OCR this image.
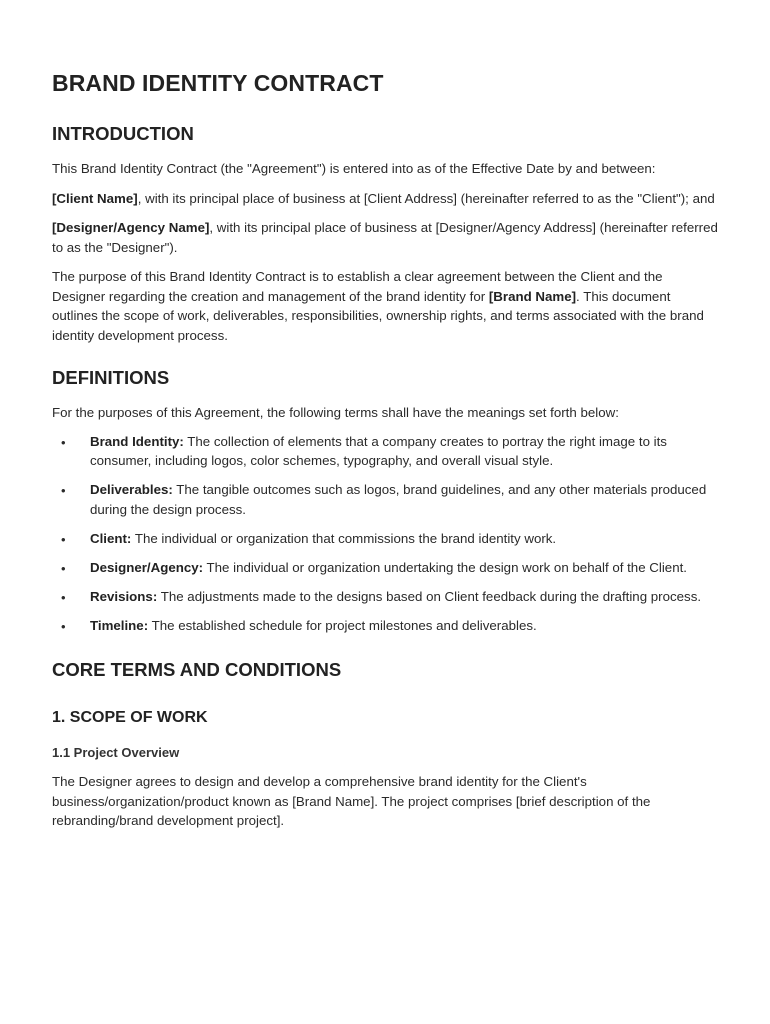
BRAND IDENTITY CONTRACT
INTRODUCTION

This Brand Identity Contract (the "Agreement") is entered into as of the Effective Date by and between:

[Client Name], with its principal place of business at [Client Address] (hereinafter referred to as the "Client"); and

[Designer/Agency Name], with its principal place of business at [Designer/Agency Address] (hereinafter referred to as the "Designer").

The purpose of this Brand Identity Contract is to establish a clear agreement between the Client and the Designer regarding the creation and management of the brand identity for [Brand Name]. This document outlines the scope of work, deliverables, responsibilities, ownership rights, and terms associated with the brand identity development process.

DEFINITIONS

For the purposes of this Agreement, the following terms shall have the meanings set forth below:

• Brand Identity: The collection of elements that a company creates to portray the right image to its consumer, including logos, color schemes, typography, and overall visual style.
• Deliverables: The tangible outcomes such as logos, brand guidelines, and any other materials produced during the design process.
• Client: The individual or organization that commissions the brand identity work.
• Designer/Agency: The individual or organization undertaking the design work on behalf of the Client.
• Revisions: The adjustments made to the designs based on Client feedback during the drafting process.
• Timeline: The established schedule for project milestones and deliverables.
CORE TERMS AND CONDITIONS
1. SCOPE OF WORK
1.1 Project Overview

The Designer agrees to design and develop a comprehensive brand identity for the Client's business/organization/product known as [Brand Name]. The project comprises [brief description of the rebranding/brand development project].
